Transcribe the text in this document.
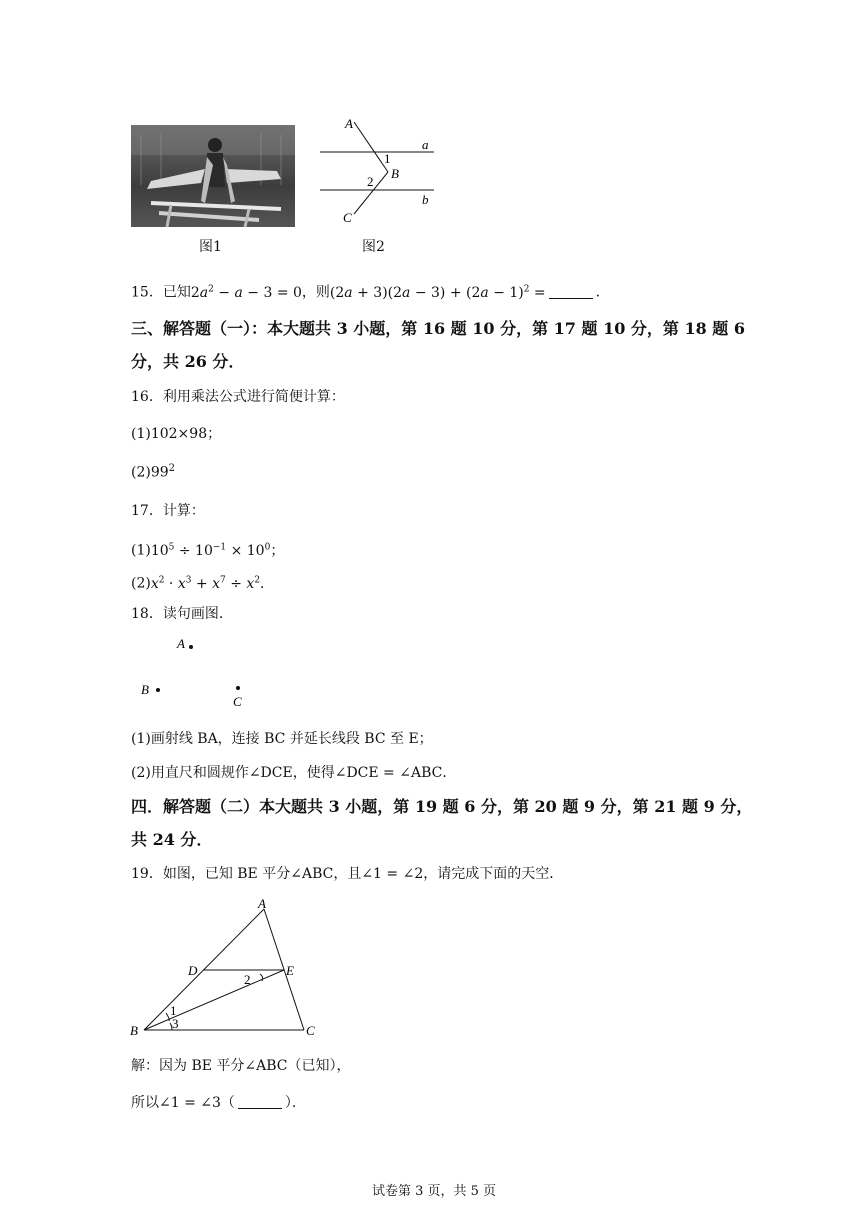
图1
A
a
1
B
2
b
C
图2
15．已知$2a^2 - a - 3 = 0$，则$(2a + 3)(2a - 3) + (2a - 1)^2$ =	．
三、解答题（一）：本大题共 3 小题，第 16 题 10 分，第 17 题 10 分，第 18 题 6
分，共 26 分．
16．利用乘法公式进行简便计算：
(1)102×98；
$(2)99^2$
17．计算：
$(1)10^5 \div 10^{-1} \times 10^0$；
$(2)x^2 \cdot x^3 + x^7 \div x^2$．
18．读句画图．
A
B
C
(1)画射线 BA，连接 BC 并延长线段 BC 至 E；
(2)用直尺和圆规作∠DCE，使得∠DCE = ∠ABC．
四．解答题（二）本大题共 3 小题，第 19 题 6 分，第 20 题 9 分，第 21 题 9 分，
共 24 分．
19．如图，已知 BE 平分∠ABC，且∠1 = ∠2，请完成下面的天空．
A
D	E
2
1
3
B	C
解：因为 BE 平分∠ABC（已知），
所以∠1 = ∠3（	）．
试卷第 3 页，共 5 页
